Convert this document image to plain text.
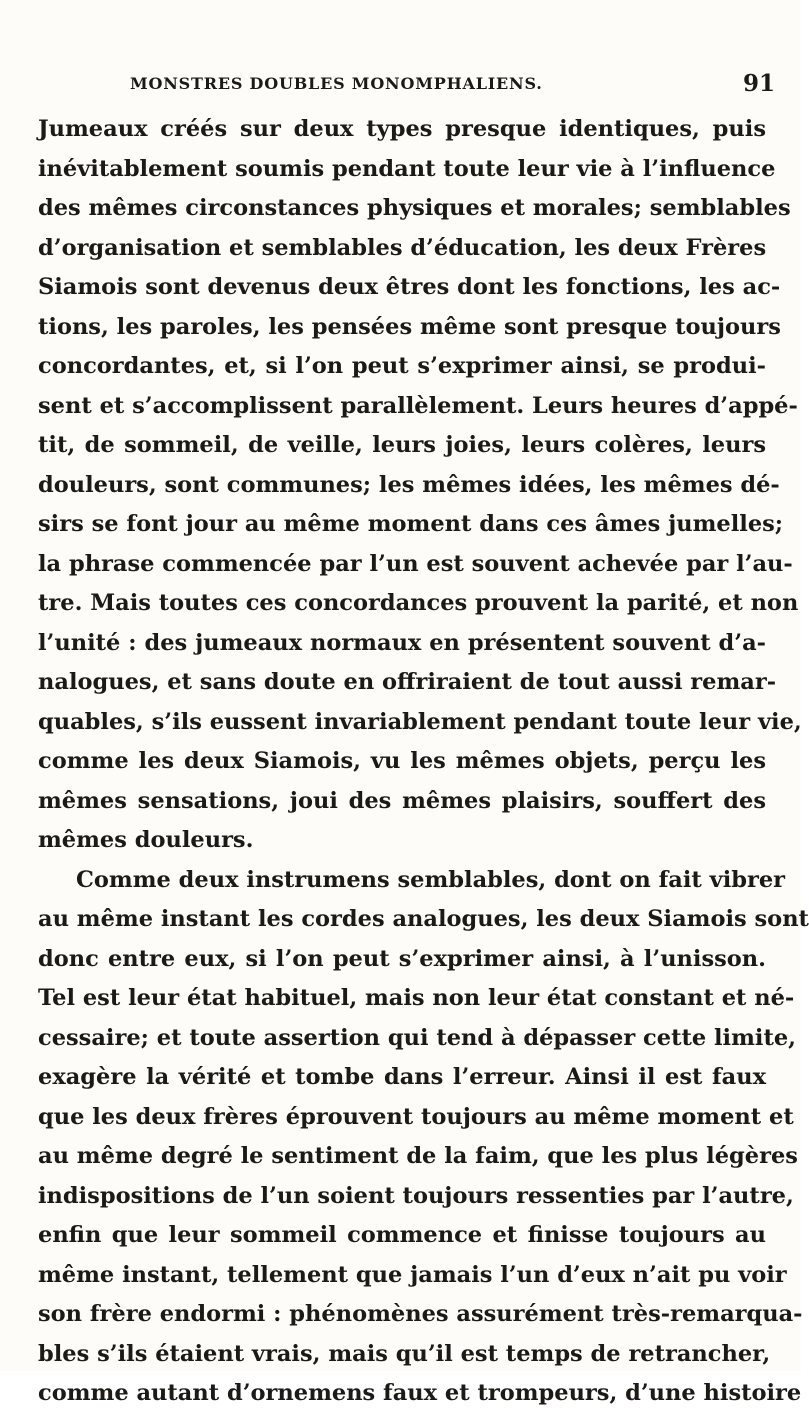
MONSTRES DOUBLES MONOMPHALIENS.	91
Jumeaux créés sur deux types presque identiques, puis
inévitablement soumis pendant toute leur vie à l’influence
des mêmes circonstances physiques et morales; semblables
d’organisation et semblables d’éducation, les deux Frères
Siamois sont devenus deux êtres dont les fonctions, les ac-
tions, les paroles, les pensées même sont presque toujours
concordantes, et, si l’on peut s’exprimer ainsi, se produi-
sent et s’accomplissent parallèlement. Leurs heures d’appé-
tit, de sommeil, de veille, leurs joies, leurs colères, leurs
douleurs, sont communes; les mêmes idées, les mêmes dé-
sirs se font jour au même moment dans ces âmes jumelles;
la phrase commencée par l’un est souvent achevée par l’au-
tre. Mais toutes ces concordances prouvent la parité, et non
l’unité : des jumeaux normaux en présentent souvent d’a-
nalogues, et sans doute en offriraient de tout aussi remar-
quables, s’ils eussent invariablement pendant toute leur vie,
comme les deux Siamois, vu les mêmes objets, perçu les
mêmes sensations, joui des mêmes plaisirs, souffert des
mêmes douleurs.
Comme deux instrumens semblables, dont on fait vibrer
au même instant les cordes analogues, les deux Siamois sont
donc entre eux, si l’on peut s’exprimer ainsi, à l’unisson.
Tel est leur état habituel, mais non leur état constant et né-
cessaire; et toute assertion qui tend à dépasser cette limite,
exagère la vérité et tombe dans l’erreur. Ainsi il est faux
que les deux frères éprouvent toujours au même moment et
au même degré le sentiment de la faim, que les plus légères
indispositions de l’un soient toujours ressenties par l’autre,
enfin que leur sommeil commence et finisse toujours au
même instant, tellement que jamais l’un d’eux n’ait pu voir
son frère endormi : phénomènes assurément très-remarqua-
bles s’ils étaient vrais, mais qu’il est temps de retrancher,
comme autant d’ornemens faux et trompeurs, d’une histoire
